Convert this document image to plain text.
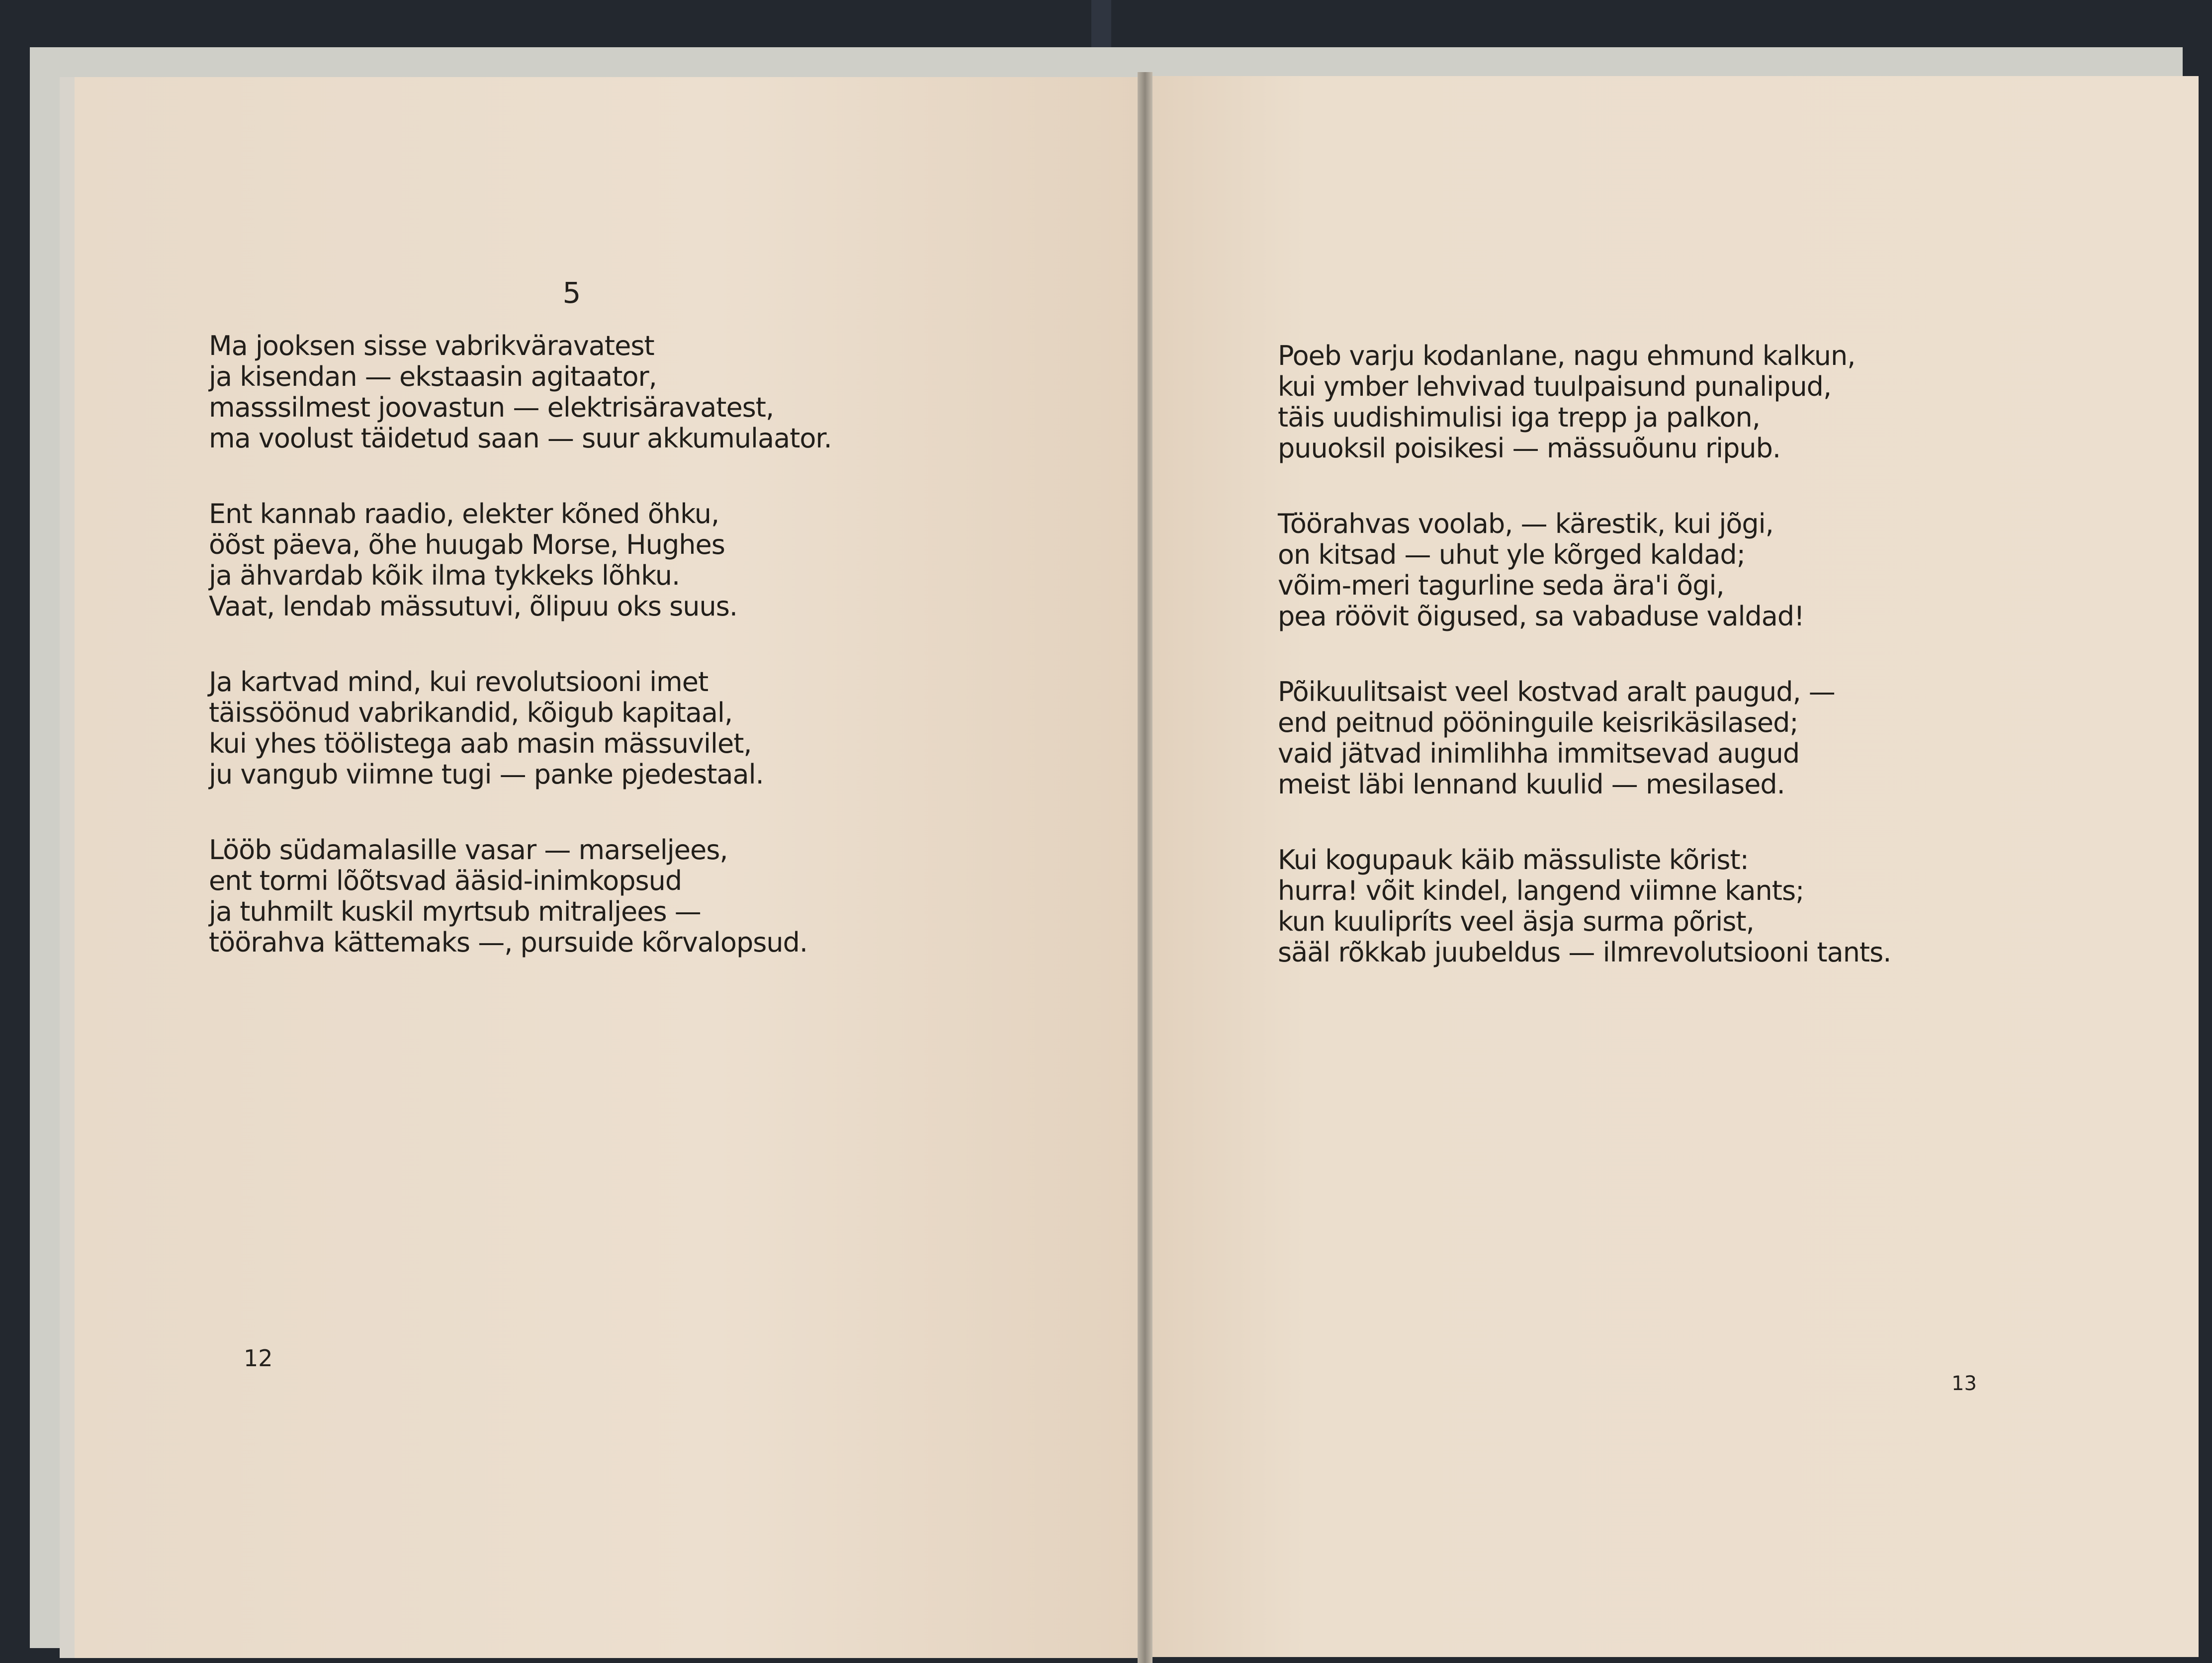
5
Ma jooksen sisse vabrikväravatest
ja kisendan — ekstaasin agitaator,
masssilmest joovastun — elektrisäravatest,
ma voolust täidetud saan — suur akkumulaator.
Ent kannab raadio, elekter kõned õhku,
öõst päeva, õhe huugab Morse, Hughes
ja ähvardab kõik ilma tykkeks lõhku.
Vaat, lendab mässutuvi, õlipuu oks suus.
Ja kartvad mind, kui revolutsiooni imet
täissöönud vabrikandid, kõigub kapitaal,
kui yhes töölistega aab masin mässuvilet,
ju vangub viimne tugi — panke pjedestaal.
Lööb südamalasille vasar — marseljees,
ent tormi lõõtsvad ääsid-inimkopsud
ja tuhmilt kuskil myrtsub mitraljees —
töörahva kättemaks —, pursuide kõrvalopsud.
12
Poeb varju kodanlane, nagu ehmund kalkun,
kui ymber lehvivad tuulpaisund punalipud,
täis uudishimulisi iga trepp ja palkon,
puuoksil poisikesi — mässuõunu ripub.
Töörahvas voolab, — kärestik, kui jõgi,
on kitsad — uhut yle kõrged kaldad;
võim-meri tagurline seda ära'i õgi,
pea röövit õigused, sa vabaduse valdad!
Põikuulitsaist veel kostvad aralt paugud, —
end peitnud pööninguile keisrikäsilased;
vaid jätvad inimlihha immitsevad augud
meist läbi lennand kuulid — mesilased.
Kui kogupauk käib mässuliste kõrist:
hurra! võit kindel, langend viimne kants;
kun kuulipríts veel äsja surma põrist,
sääl rõkkab juubeldus — ilmrevolutsiooni tants.
13
